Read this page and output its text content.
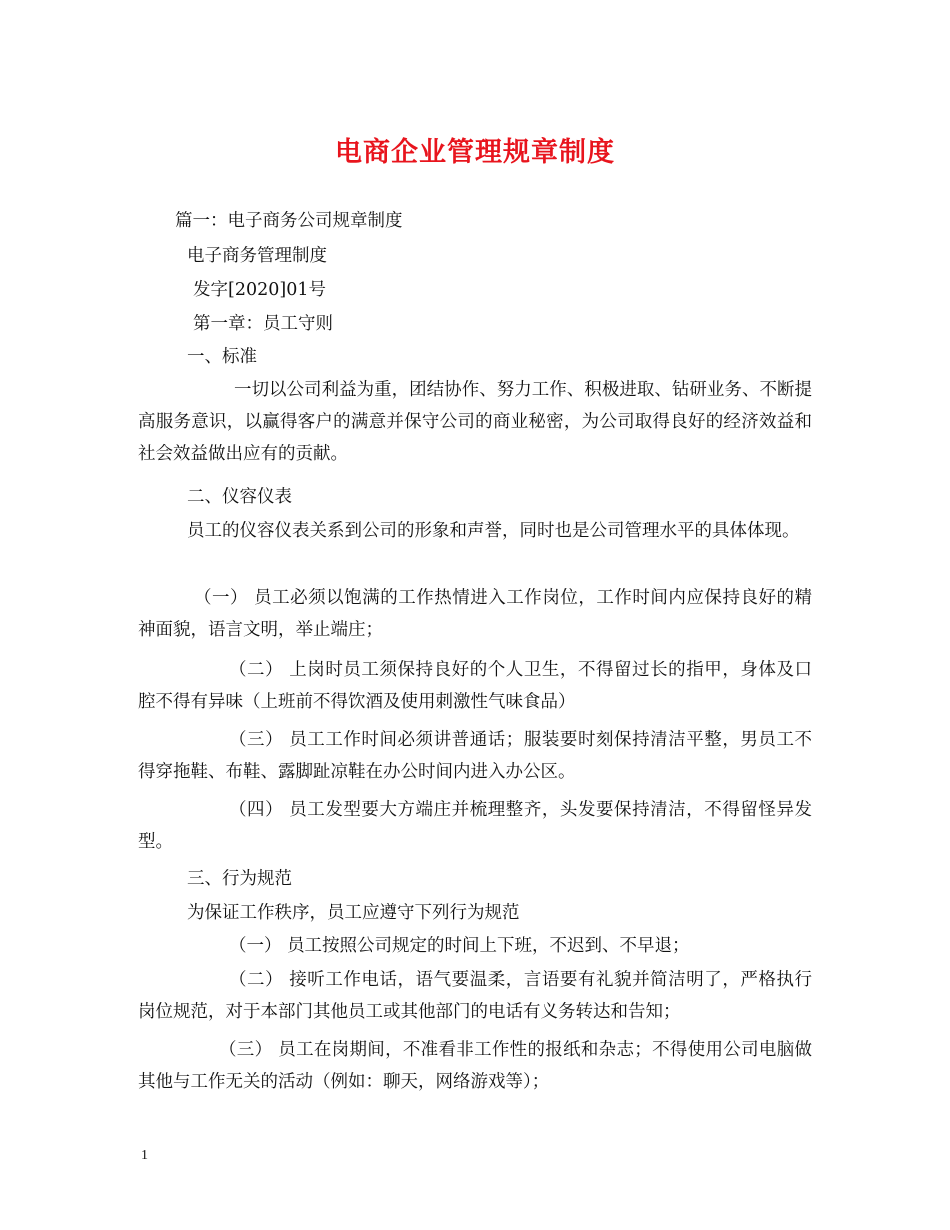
电商企业管理规章制度
篇一：电子商务公司规章制度
电子商务管理制度
发字[2020]01号
第一章：员工守则
一、标准
一切以公司利益为重，团结协作、努力工作、积极进取、钻研业务、不断提高服务意识，以赢得客户的满意并保守公司的商业秘密，为公司取得良好的经济效益和社会效益做出应有的贡献。
二、仪容仪表
员工的仪容仪表关系到公司的形象和声誉，同时也是公司管理水平的具体体现。
（一） 员工必须以饱满的工作热情进入工作岗位，工作时间内应保持良好的精神面貌，语言文明，举止端庄；
（二） 上岗时员工须保持良好的个人卫生，不得留过长的指甲，身体及口腔不得有异味（上班前不得饮酒及使用刺激性气味食品）
（三） 员工工作时间必须讲普通话；服装要时刻保持清洁平整，男员工不得穿拖鞋、布鞋、露脚趾凉鞋在办公时间内进入办公区。
（四） 员工发型要大方端庄并梳理整齐，头发要保持清洁，不得留怪异发型。
三、行为规范
为保证工作秩序，员工应遵守下列行为规范
（一） 员工按照公司规定的时间上下班，不迟到、不早退；
（二） 接听工作电话，语气要温柔，言语要有礼貌并简洁明了，严格执行岗位规范，对于本部门其他员工或其他部门的电话有义务转达和告知；
（三） 员工在岗期间，不准看非工作性的报纸和杂志；不得使用公司电脑做其他与工作无关的活动（例如：聊天，网络游戏等）；
1
